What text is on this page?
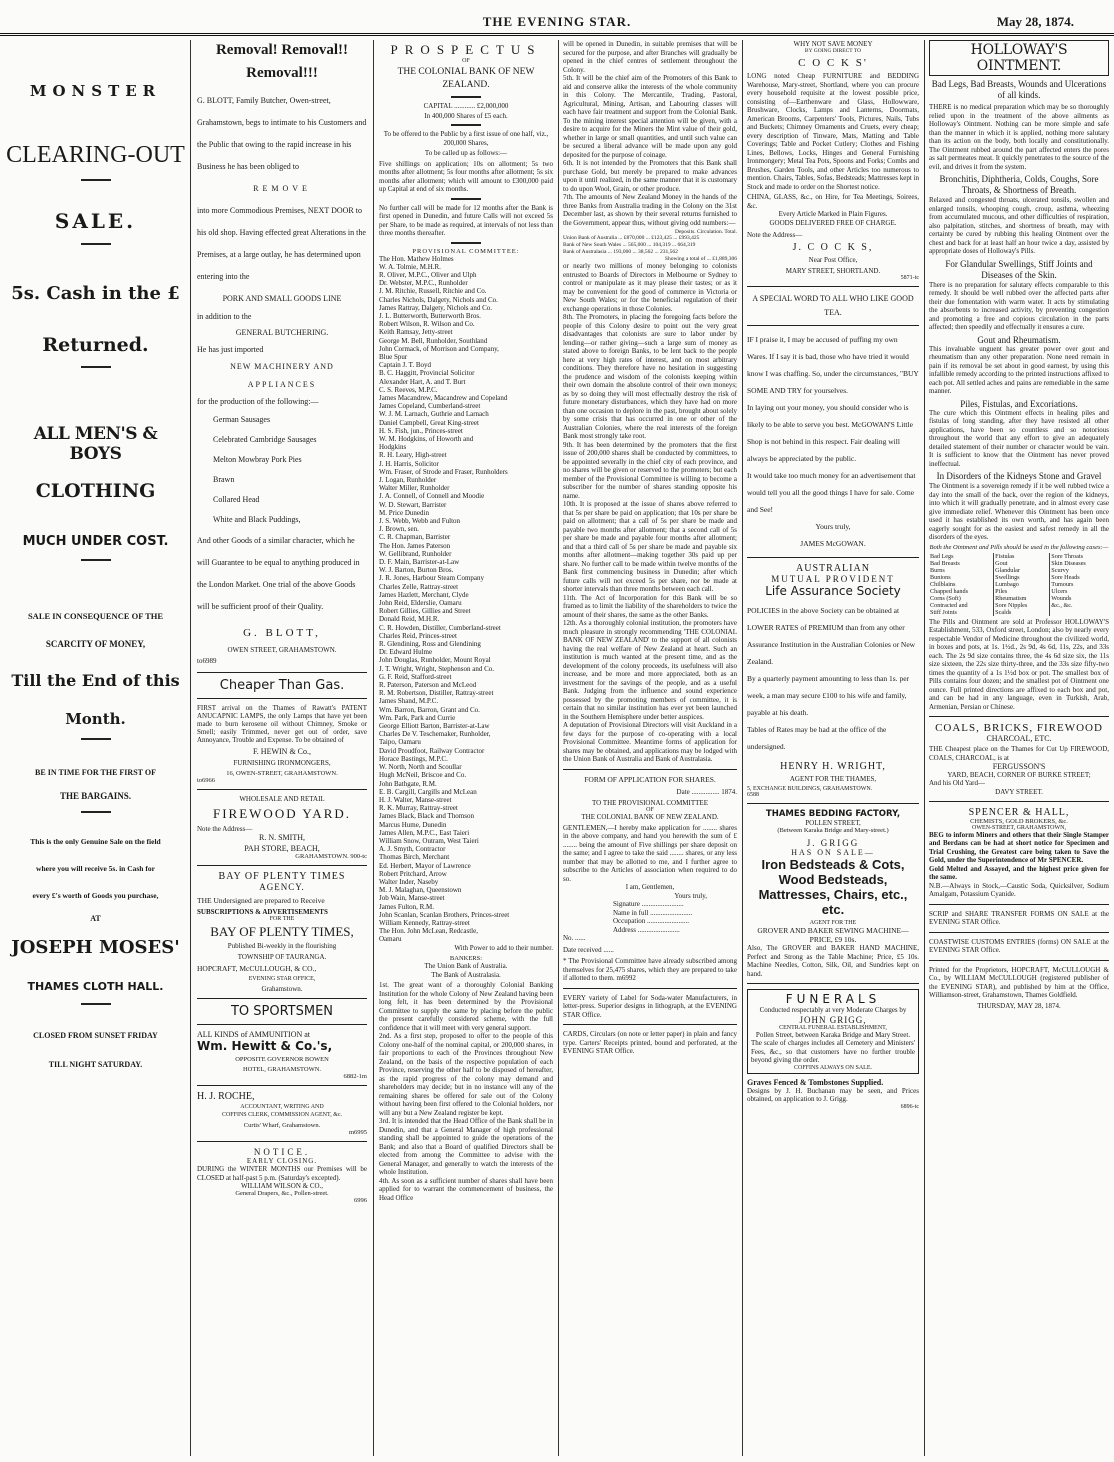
THE EVENING STAR.	May 28, 1874.
MONSTER
CLEARING-OUT
SALE.
5s. Cash in the £
Returned.
ALL MEN'S & BOYS
CLOTHING
MUCH UNDER COST.
SALE IN CONSEQUENCE OF THE
SCARCITY OF MONEY,
Till the End of this
Month.
BE IN TIME FOR THE FIRST OF
THE BARGAINS.
This is the only Genuine Sale on the field
where you will receive 5s. in Cash for
every £'s worth of Goods you purchase,
AT
JOSEPH MOSES'
THAMES CLOTH HALL.
CLOSED FROM SUNSET FRIDAY
TILL NIGHT SATURDAY.
Removal! Removal!!
Removal!!!

G. BLOTT, Family Butcher, Owen-street, Grahamstown, begs to intimate to his Customers and the Public that owing to the rapid increase in his Business he has been obliged to

REMOVE

into more Commodious Premises, NEXT DOOR to his old shop. Having effected great Alterations in the Premises, at a large outlay, he has determined upon entering into the

PORK AND SMALL GOODS LINE

in addition to the

GENERAL BUTCHERING.

He has just imported

NEW MACHINERY AND

APPLIANCES

for the production of the following:—

German Sausages

Celebrated Cambridge Sausages

Melton Mowbray Pork Pies

Brawn

Collared Head

White and Black Puddings,

And other Goods of a similar character, which he will Guarantee to be equal to anything produced in the London Market. One trial of the above Goods will be sufficient proof of their Quality.

G. BLOTT,

OWEN STREET, GRAHAMSTOWN.

to6989

Cheaper Than Gas.

FIRST arrival on the Thames of Rawatt's PATENT ANUCAPNIC LAMPS, the only Lamps that have yet been made to burn kerosene oil without Chimney, Smoke or Smell; easily Trimmed, never get out of order, save Annoyance, Trouble and Expense. To be obtained of

F. HEWIN & Co.,

FURNISHING IRONMONGERS,

16, OWEN-STREET, GRAHAMSTOWN.

to6966

WHOLESALE AND RETAIL

FIREWOOD YARD.

Note the Address—

R. N. SMITH,

PAH STORE, BEACH,

GRAHAMSTOWN. 900-tc

BAY OF PLENTY TIMES

AGENCY.

THE Undersigned are prepared to Receive

SUBSCRIPTIONS & ADVERTISEMENTS

FOR THE

BAY OF PLENTY TIMES,

Published Bi-weekly in the flourishing

TOWNSHIP OF TAURANGA.

HOPCRAFT, McCULLOUGH, & CO.,

EVENING STAR OFFICE,

Grahamstown.

TO SPORTSMEN

ALL KINDS of AMMUNITION at

Wm. Hewitt & Co.'s,

OPPOSITE GOVERNOR BOWEN

HOTEL, GRAHAMSTOWN.

6882-1m

H. J. ROCHE,

ACCOUNTANT, WRITING AND

COFFINS CLERK, COMMISSION AGENT, &c.

Curtis' Wharf, Grahamstown.

m6995

NOTICE.

EARLY CLOSING.

DURING the WINTER MONTHS our Premises will be CLOSED at half-past 5 p.m. (Saturday's excepted).

WILLIAM WILSON & CO.,

General Drapers, &c., Pollen-street.

6996

PROSPECTUS
OF
THE COLONIAL BANK OF NEW ZEALAND.
CAPITAL ............ £2,000,000
In 400,000 Shares of £5 each.

To be offered to the Public by a first issue of one half, viz., 200,000 Shares,

To be called up as follows:—

Five shillings on application; 10s on allotment; 5s two months after allotment; 5s four months after allotment; 5s six months after allotment; which will amount to £300,000 paid up Capital at end of six months.

No further call will be made for 12 months after the Bank is first opened in Dunedin, and future Calls will not exceed 5s per Share, to be made as required, at intervals of not less than three months thereafter.

PROVISIONAL COMMITTEE:

The Hon. Mathew Holmes
W. A. Tolmie, M.H.R.
R. Oliver, M.P.C., Oliver and Ulph
Dr. Webster, M.P.C., Runholder
J. M. Ritchie, Russell, Ritchie and Co.
Charles Nichols, Dalgety, Nichols and Co.
James Rattray, Dalgety, Nichols and Co.
J. L. Butterworth, Butterworth Bros.
Robert Wilson, R. Wilson and Co.
Keith Ramsay, Jetty-street
George M. Bell, Runholder, Southland
John Cormack, of Morrison and Company,
Blue Spur
Captain J. T. Boyd
B. C. Haggitt, Provincial Solicitor
Alexander Hart, A. and T. Burt
C. S. Reeves, M.P.C.
James Macandrew, Macandrew and Copeland
James Copeland, Cumberland-street
W. J. M. Larnach, Guthrie and Larnach
Daniel Campbell, Great King-street
H. S. Fish, jun., Princes-street
W. M. Hodgkins, of Howorth and
Hodgkins
R. H. Leary, High-street
J. H. Harris, Solicitor
Wm. Fraser, of Strode and Fraser, Runholders
J. Logan, Runholder
Walter Miller, Runholder
J. A. Connell, of Connell and Moodie
W. D. Stewart, Barrister
M. Price Dunedin
J. S. Webb, Webb and Fulton
J. Brown, sen.
C. R. Chapman, Barrister
The Hon. James Paterson
W. Gellibrand, Runholder
D. F. Main, Barrister-at-Law
W. J. Barton, Burton Bros.
J. R. Jones, Harbour Steam Company
Charles Zelle, Rattray-street
James Hazlett, Merchant, Clyde
John Reid, Elderslie, Oamaru
Robert Gillies, Gillies and Street
Donald Reid, M.H.R.
C. R. Howden, Distiller, Cumberland-street
Charles Reid, Princes-street
R. Glendining, Ross and Glendining
Dr. Edward Hulme
John Douglas, Runholder, Mount Royal
J. T. Wright, Wright, Stephenson and Co.
G. F. Reid, Stafford-street
R. Paterson, Paterson and McLeod
R. M. Robertson, Distiller, Rattray-street
James Shand, M.P.C.
Wm. Barron, Barron, Grant and Co.
Wm. Park, Park and Currie
George Elliott Barton, Barrister-at-Law
Charles De V. Teschemaker, Runholder,
Taipo, Oamaru
David Proudfoot, Railway Contractor
Horace Bastings, M.P.C.
W. North, North and Scoullar
Hugh McNeil, Briscoe and Co.
John Bathgate, R.M.
E. B. Cargill, Cargills and McLean
H. J. Walter, Manse-street
R. K. Murray, Rattray-street
James Black, Black and Thomson
Marcus Hume, Dunedin
James Allen, M.P.C., East Taieri
William Snow, Outram, West Taieri
A. J. Smyth, Contractor
Thomas Birch, Merchant
Ed. Herbert, Mayor of Lawrence
Robert Pritchard, Arrow
Walter Inder, Naseby
M. J. Malaghan, Queenstown
Job Wain, Manse-street
James Fulton, R.M.
John Scanlan, Scanlan Brothers, Princes-street
William Kennedy, Rattray-street
The Hon. John McLean, Redcastle,
Oamaru

With Power to add to their number.

BANKERS:

The Union Bank of Australia.

The Bank of Australasia.

1st. The great want of a thoroughly Colonial Banking Institution for the whole Colony of New Zealand having been long felt, it has been determined by the Provisional Committee to supply the same by placing before the public the present carefully considered scheme, with the full confidence that it will meet with very general support.

2nd. As a first step, proposed to offer to the people of this Colony one-half of the nominal capital, or 200,000 shares, in fair proportions to each of the Provinces throughout New Zealand, on the basis of the respective population of each Province, reserving the other half to be disposed of hereafter, as the rapid progress of the colony may demand and shareholders may decide; but in no instance will any of the remaining shares be offered for sale out of the Colony without having been first offered to the Colonial holders, nor will any but a New Zealand register be kept.

3rd. It is intended that the Head Office of the Bank shall be in Dunedin, and that a General Manager of high professional standing shall be appointed to guide the operations of the Bank; and also that a Board of qualified Directors shall be elected from among the Committee to advise with the General Manager, and generally to watch the interests of the whole Institution.

4th. As soon as a sufficient number of shares shall have been applied for to warrant the commencement of business, the Head Office

will be opened in Dunedin, in suitable premises that will be secured for the purpose, and after Branches will gradually be opened in the chief centres of settlement throughout the Colony.

5th. It will be the chief aim of the Promoters of this Bank to aid and conserve alike the interests of the whole community in this Colony. The Mercantile, Trading, Pastoral, Agricultural, Mining, Artisan, and Labouring classes will each have fair treatment and support from the Colonial Bank. To the mining interest special attention will be given, with a desire to acquire for the Miners the Mint value of their gold, whether in large or small quantities, and until such value can be secured a liberal advance will be made upon any gold deposited for the purpose of coinage.

6th. It is not intended by the Promoters that this Bank shall purchase Gold, but merely be prepared to make advances upon it until realized, in the same manner that it is customary to do upon Wool, Grain, or other produce.

7th. The amounts of New Zealand Money in the hands of the three Banks from Australia trading in the Colony on the 31st December last, as shown by their several returns furnished to the Government, appear thus, without giving odd numbers:—

Deposits. Circulation. Total.

Union Bank of Australia ... £870,000 ... £123,425 ... £993,425

Bank of New South Wales ... 565,000 ... 104,319 ... 664,319

Bank of Australasia ... 193,000 ... 38,562 ... 231,562

Showing a total of ... £1,889,306

or nearly two millions of money belonging to colonists entrusted to Boards of Directors in Melbourne or Sydney to control or manipulate as it may please their tastes; or as it may be convenient for the good of commerce in Victoria or New South Wales; or for the beneficial regulation of their exchange operations in those Colonies.

8th. The Promoters, in placing the foregoing facts before the people of this Colony desire to point out the very great disadvantages that colonists are sure to labor under by lending—or rather giving—such a large sum of money as stated above to foreign Banks, to be lent back to the people here at very high rates of interest, and on most arbitrary conditions. They therefore have no hesitation in suggesting the prudence and wisdom of the colonists keeping within their own domain the absolute control of their own moneys; as by so doing they will most effectually destroy the risk of future monetary disturbances, which they have had on more than one occasion to deplore in the past, brought about solely by some crisis that has occurred in one or other of the Australian Colonies, where the real interests of the foreign Bank most strongly take root.

9th. It has been determined by the promoters that the first issue of 200,000 shares shall be conducted by committees, to be appointed severally in the chief city of each province, and no shares will be given or reserved to the promoters; but each member of the Provisional Committee is willing to become a subscriber for the number of shares standing opposite his name.

10th. It is proposed at the issue of shares above referred to that 5s per share be paid on application; that 10s per share be paid on allotment; that a call of 5s per share be made and payable two months after allotment; that a second call of 5s per share be made and payable four months after allotment; and that a third call of 5s per share be made and payable six months after allotment—making together 30s paid up per share. No further call to be made within twelve months of the Bank first commencing business in Dunedin; after which future calls will not exceed 5s per share, nor be made at shorter intervals than three months between each call.

11th. The Act of Incorporation for this Bank will be so framed as to limit the liability of the shareholders to twice the amount of their shares, the same as the other Banks.

12th. As a thoroughly colonial institution, the promoters have much pleasure in strongly recommending 'THE COLONIAL BANK OF NEW ZEALAND' to the support of all colonists having the real welfare of New Zealand at heart. Such an institution is much wanted at the present time, and as the development of the colony proceeds, its usefulness will also increase, and be more and more appreciated, both as an investment for the savings of the people, and as a useful Bank. Judging from the influence and sound experience possessed by the promoting members of committee, it is certain that no similar institution has ever yet been launched in the Southern Hemisphere under better auspices.

A deputation of Provisional Directors will visit Auckland in a few days for the purpose of co-operating with a local Provisional Committee. Meantime forms of application for shares may be obtained, and applications may be lodged with the Union Bank of Australia and Bank of Australasia.

FORM OF APPLICATION FOR SHARES.

Date ................ 1874.

TO THE PROVISIONAL COMMITTEE

OF

THE COLONIAL BANK OF NEW ZEALAND.

GENTLEMEN,—I hereby make application for ........ shares in the above company, and hand you herewith the sum of £ ........ being the amount of Five shillings per share deposit on the same; and I agree to take the said ........ shares, or any less number that may be allotted to me, and I further agree to subscribe to the Articles of association when required to do so.

I am, Gentlemen,

Yours truly,

Signature ........................

Name in full ........................

Occupation ........................

Address ........................

No. ......

Date received ......

* The Provisional Committee have already subscribed among themselves for 25,475 shares, which they are prepared to take if allotted to them. m6992

EVERY variety of Label for Soda-water Manufacturers, in letter-press. Superior designs in lithograph, at the EVENING STAR Office.

CARDS, Circulars (on note or letter paper) in plain and fancy type. Carters' Receipts printed, bound and perforated, at the EVENING STAR Office.

WHY NOT SAVE MONEY

BY GOING DIRECT TO

C O C K S'

LONG noted Cheap FURNITURE and BEDDING Warehouse, Mary-street, Shortland, where you can procure every household requisite at the lowest possible price, consisting of—Earthenware and Glass, Hollowware, Brushware, Clocks, Lamps and Lanterns, Doormats, American Brooms, Carpenters' Tools, Pictures, Nails, Tubs and Buckets; Chimney Ornaments and Cruets, every cheap; every description of Tinware, Mats, Matting and Table Coverings; Table and Pocket Cutlery; Clothes and Fishing Lines, Bellows, Locks, Hinges and General Furnishing Ironmongery; Metal Tea Pots, Spoons and Forks; Combs and Brushes, Garden Tools, and other Articles too numerous to mention. Chairs, Tables, Sofas, Bedsteads; Mattresses kept in Stock and made to order on the Shortest notice.

CHINA, GLASS, &c., on Hire, for Tea Meetings, Soirees, &c.

Every Article Marked in Plain Figures.

GOODS DELIVERED FREE OF CHARGE.

Note the Address—

J. C O C K S,

Near Post Office,

MARY STREET, SHORTLAND.

5871-tc

A SPECIAL WORD TO ALL WHO LIKE GOOD TEA.

IF I praise it, I may be accused of puffing my own Wares. If I say it is bad, those who have tried it would know I was chaffing. So, under the circumstances, "BUY SOME AND TRY for yourselves.

In laying out your money, you should consider who is likely to be able to serve you best. McGOWAN'S Little Shop is not behind in this respect. Fair dealing will always be appreciated by the public.

It would take too much money for an advertisement that would tell you all the good things I have for sale. Come and See!

Yours truly,

JAMES McGOWAN.

AUSTRALIAN

MUTUAL PROVIDENT

Life Assurance Society

POLICIES in the above Society can be obtained at LOWER RATES of PREMIUM than from any other Assurance Institution in the Australian Colonies or New Zealand.

By a quarterly payment amounting to less than 1s. per week, a man may secure £100 to his wife and family, payable at his death.

Tables of Rates may be had at the office of the undersigned.

HENRY H. WRIGHT,

AGENT FOR THE THAMES,

5, EXCHANGE BUILDINGS, GRAHAMSTOWN.

6588

THAMES BEDDING FACTORY,

POLLEN STREET,

(Between Karaka Bridge and Mary-street.)

J. GRIGG

HAS ON SALE—

Iron Bedsteads & Cots, Wood Bedsteads, Mattresses, Chairs, etc., etc.

AGENT FOR THE

GROVER AND BAKER SEWING MACHINE—PRICE, £9 10s.

Also, The GROVER and BAKER HAND MACHINE, Perfect and Strong as the Table Machine; Price, £5 10s. Machine Needles, Cotton, Silk, Oil, and Sundries kept on hand.

FUNERALS

Conducted respectably at very Moderate Charges by

JOHN GRIGG,

CENTRAL FUNERAL ESTABLISHMENT,

Pollen Street, between Karaka Bridge and Mary Street.

The scale of charges includes all Cemetery and Ministers' Fees, &c., so that customers have no further trouble beyond giving the order.

COFFINS ALWAYS ON SALE.

Graves Fenced & Tombstones Supplied.

Designs by J. H. Buchanan may be seen, and Prices obtained, on application to J. Grigg.

6896-tc

HOLLOWAY'S OINTMENT.

Bad Legs, Bad Breasts, Wounds and Ulcerations of all kinds.

THERE is no medical preparation which may be so thoroughly relied upon in the treatment of the above ailments as Holloway's Ointment. Nothing can be more simple and safe than the manner in which it is applied, nothing more salutary than its action on the body, both locally and constitutionally. The Ointment rubbed around the part affected enters the pores as salt permeates meat. It quickly penetrates to the source of the evil, and drives it from the system.

Bronchitis, Diphtheria, Colds, Coughs, Sore Throats, & Shortness of Breath.

Relaxed and congested throats, ulcerated tonsils, swollen and enlarged tonsils, whooping cough, croup, asthma, wheezing from accumulated mucous, and other difficulties of respiration, also palpitation, stitches, and shortness of breath, may with certainty be cured by rubbing this healing Ointment over the chest and back for at least half an hour twice a day, assisted by appropriate doses of Holloway's Pills.

For Glandular Swellings, Stiff Joints and Diseases of the Skin.

There is no preparation for salutary effects comparable to this remedy. It should be well rubbed over the affected parts after their due fomentation with warm water. It acts by stimulating the absorbents to increased activity, by preventing congestion and promoting a free and copious circulation in the parts affected; then speedily and effectually it ensures a cure.

Gout and Rheumatism.

This invaluable unguent has greater power over gout and rheumatism than any other preparation. None need remain in pain if its removal be set about in good earnest, by using this infallible remedy according to the printed instructions affixed to each pot. All settled aches and pains are remediable in the same manner.

Piles, Fistulas, and Excoriations.

The cure which this Ointment effects in healing piles and fistulas of long standing, after they have resisted all other applications, have been so countless and so notorious throughout the world that any effort to give an adequately detailed statement of their number or character would be vain. It is sufficient to know that the Ointment has never proved ineffectual.

In Disorders of the Kidneys Stone and Gravel

The Ointment is a sovereign remedy if it be well rubbed twice a day into the small of the back, over the region of the kidneys, into which it will gradually penetrate, and in almost every case give immediate relief. Whenever this Ointment has been once used it has established its own worth, and has again been eagerly sought for as the easiest and safest remedy in all the disorders of the eyes.

Both the Ointment and Pills should be used in the following cases:—

Bad Legs	Fistulas	Sore Throats
Bad Breasts	Gout	Skin Diseases
Burns	Glandular	Scurvy
Bunions	Swellings	Sore Heads
Chilblains	Lumbago	Tumours
Chapped hands	Piles	Ulcers
Corns (Soft)	Rheumatism	Wounds
Contracted and	Sore Nipples	&c., &c.
Stiff Joints	Scalds	

The Pills and Ointment are sold at Professor HOLLOWAY'S Establishment, 533, Oxford street, London; also by nearly every respectable Vendor of Medicine throughout the civilized world, in boxes and pots, at 1s. 1½d., 2s 9d, 4s 6d, 11s, 22s, and 33s each. The 2s 9d size contains three, the 4s 6d size six, the 11s size sixteen, the 22s size thirty-three, and the 33s size fifty-two times the quantity of a 1s 1½d box or pot. The smallest box of Pills contains four dozen; and the smallest pot of Ointment one ounce. Full printed directions are affixed to each box and pot, and can be had in any language, even in Turkish, Arab, Armenian, Persian or Chinese.

COALS, BRICKS, FIREWOOD

CHARCOAL, ETC.

THE Cheapest place on the Thames for Cut Up FIREWOOD, COALS, CHARCOAL, is at

FERGUSSON'S

YARD, BEACH, CORNER OF BURKE STREET;

And his Old Yard—

DAVY STREET.

SPENCER & HALL,

CHEMISTS, GOLD BROKERS, &c.

OWEN-STREET, GRAHAMSTOWN,

BEG to inform Miners and others that their Single Stamper and Berdans can be had at short notice for Specimen and Trial Crushing, the Greatest care being taken to Save the Gold, under the Superintendence of Mr SPENCER.

Gold Melted and Assayed, and the highest price given for the same.

N.B.—Always in Stock,—Caustic Soda, Quicksilver, Sodium Amalgam, Potassium Cyanide.

SCRIP and SHARE TRANSFER FORMS ON SALE at the EVENING STAR Office.

COASTWISE CUSTOMS ENTRIES (forms) ON SALE at the EVENING STAR Office.

Printed for the Proprietors, HOPCRAFT, McCULLOUGH & Co., by WILLIAM McCULLOUGH (registered publisher of the EVENING STAR), and published by him at the Office, Williamson-street, Grahamstown, Thames Goldfield.

THURSDAY, MAY 28, 1874.
